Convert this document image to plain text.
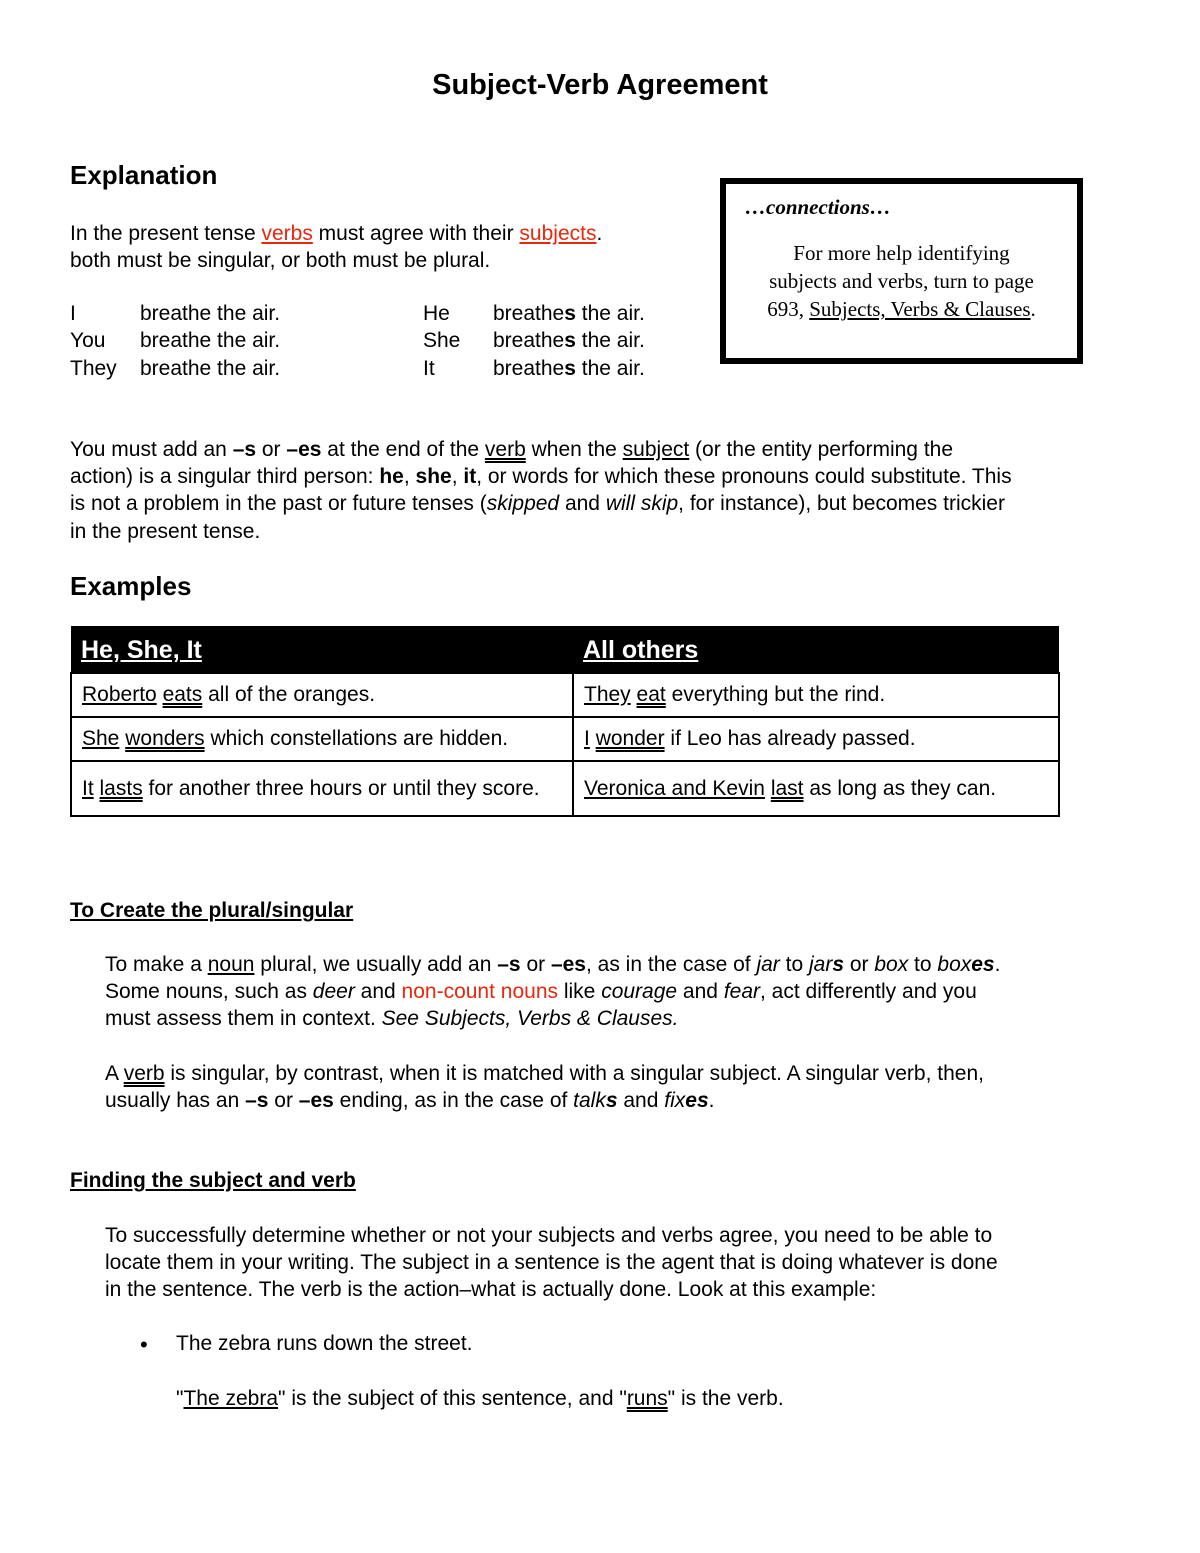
Subject-Verb Agreement
Explanation
In the present tense verbs must agree with their subjects.
both must be singular, or both must be plural.
I	breathe the air.	He breathes the air.
You breathe the air.	She breathes the air.
They breathe the air.	It	breathes the air.
…connections…
For more help identifying
subjects and verbs, turn to page
693, Subjects, Verbs & Clauses.
You must add an –s or –es at the end of the verb when the subject (or the entity performing the
action) is a singular third person: he, she, it, or words for which these pronouns could substitute. This
is not a problem in the past or future tenses (skipped and will skip, for instance), but becomes trickier
in the present tense.
Examples
He, She, It	All others
Roberto eats all of the oranges.	They eat everything but the rind.
She wonders which constellations are hidden.	I wonder if Leo has already passed.
It lasts for another three hours or until they score.	Veronica and Kevin last as long as they can.
To Create the plural/singular
To make a noun plural, we usually add an –s or –es, as in the case of jar to jars or box to boxes.
Some nouns, such as deer and non-count nouns like courage and fear, act differently and you
must assess them in context. See Subjects, Verbs & Clauses.
A verb is singular, by contrast, when it is matched with a singular subject. A singular verb, then,
usually has an –s or –es ending, as in the case of talks and fixes.
Finding the subject and verb
To successfully determine whether or not your subjects and verbs agree, you need to be able to
locate them in your writing. The subject in a sentence is the agent that is doing whatever is done
in the sentence. The verb is the action–what is actually done. Look at this example:
• The zebra runs down the street.
"The zebra" is the subject of this sentence, and "runs" is the verb.
